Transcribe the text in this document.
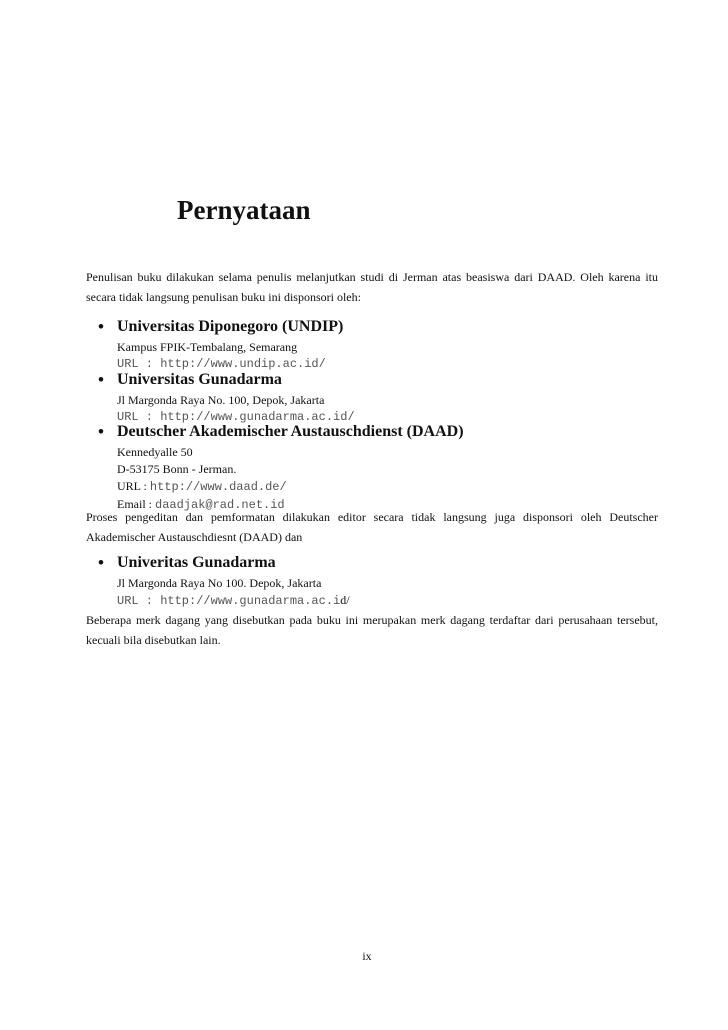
Pernyataan

Penulisan buku dilakukan selama penulis melanjutkan studi di Jerman atas beasiswa dari DAAD. Oleh karena itu secara tidak langsung penulisan buku ini disponsori oleh:

• Universitas Diponegoro (UNDIP)
Kampus FPIK-Tembalang, Semarang
URL : http://www.undip.ac.id/
• Universitas Gunadarma
Jl Margonda Raya No. 100, Depok, Jakarta
URL : http://www.gunadarma.ac.id/
• Deutscher Akademischer Austauschdienst (DAAD)
Kennedyalle 50
D-53175 Bonn - Jerman.
URL : http://www.daad.de/
Email : daadjak@rad.net.id

Proses pengeditan dan pemformatan dilakukan editor secara tidak langsung juga disponsori oleh Deutscher Akademischer Austauschdiesnt (DAAD) dan

• Univeritas Gunadarma
Jl Margonda Raya No 100. Depok, Jakarta
URL : http://www.gunadarma.ac.id/

Beberapa merk dagang yang disebutkan pada buku ini merupakan merk dagang terdaftar dari perusahaan tersebut, kecuali bila disebutkan lain.

ix
